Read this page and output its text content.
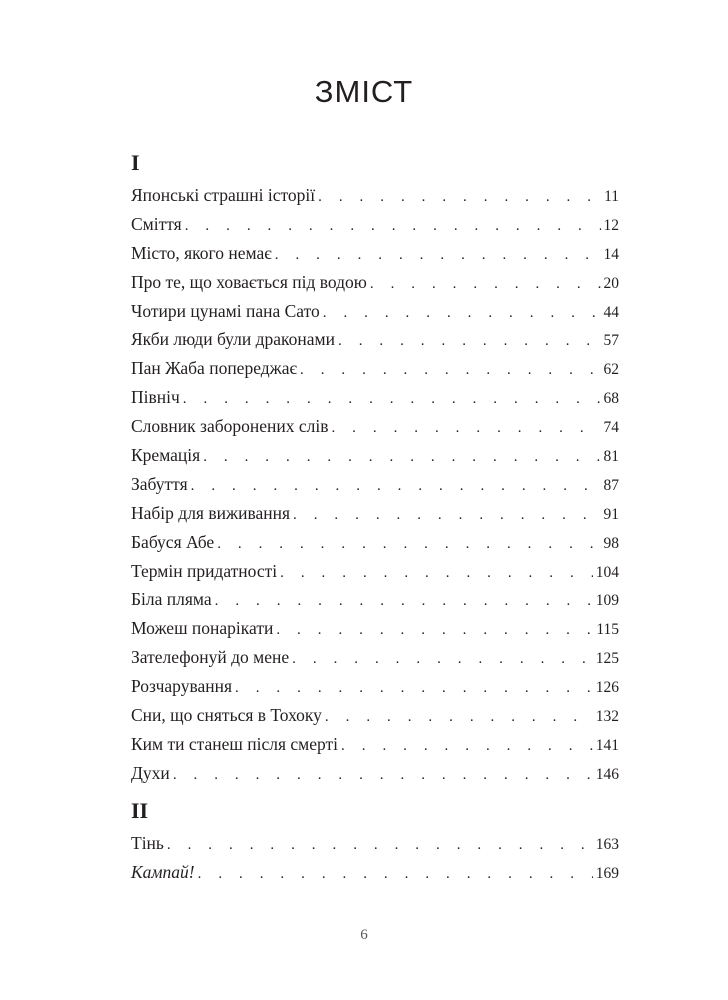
ЗМІСТ
I
Японські страшні історії . . .	11
Сміття . . .	12
Місто, якого немає . . .	14
Про те, що ховається під водою . . .	20
Чотири цунамі пана Сато . . .	44
Якби люди були драконами . . .	57
Пан Жаба попереджає . . .	62
Північ . . .	68
Словник заборонених слів . . .	74
Кремація . . .	81
Забуття . . .	87
Набір для виживання . . .	91
Бабуся Абе . . .	98
Термін придатності . . .	104
Біла пляма . . .	109
Можеш понарікати . . .	115
Зателефонуй до мене . . .	125
Розчарування . . .	126
Сни, що сняться в Тохоку . . .	132
Ким ти станеш після смерті . . .	141
Духи . . .	146
II
Тінь . . .	163
Кампай! . . .	169
6
